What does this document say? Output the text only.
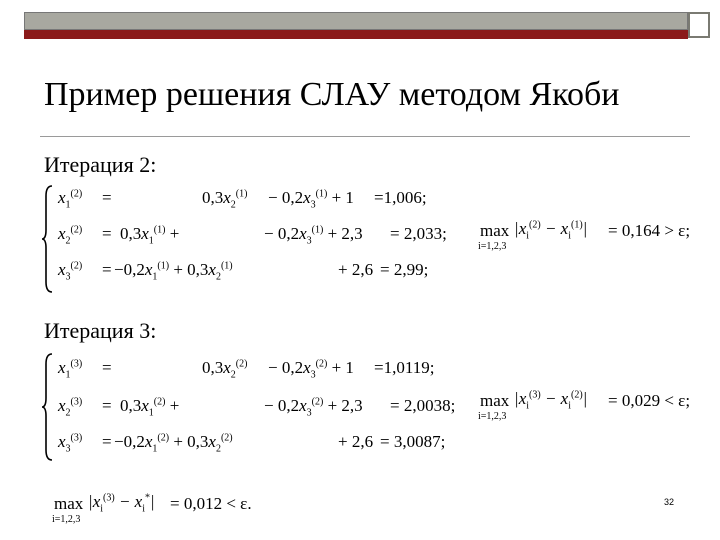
Пример решения СЛАУ методом Якоби
Итерация 2:
$x_1^{(2)}$ =	$0,3x_2^{(1)} - 0,2x_3^{(1)} + 1 =1,006$;
$x_2^{(2)} = 0,3x_1^{(1)}$ +	− $0,2x_3^{(1)} + 2,3 = 2,033$;
$x_3^{(2)} = -0,2x_1^{(1)} + 0,3x_2^{(1)}$	+ 2,6 = 2,99;
max
i=1,2,3
$|x_i^{(2)} - x_i^{(1)}| = 0,164 > \varepsilon$;
Итерация 3:
$x_1^{(3)}$ =	$0,3x_2^{(2)} - 0,2x_3^{(2)} + 1 =1,0119$;
$x_2^{(3)} = 0,3x_1^{(2)}$ +	− $0,2x_3^{(2)} + 2,3 = 2,0038$;
$x_3^{(3)} = -0,2x_1^{(2)} + 0,3x_2^{(2)}$	+ 2,6 = 3,0087;
max
i=1,2,3
$|x_i^{(3)} - x_i^{(2)}| = 0,029 < \varepsilon$;
max
i=1,2,3
$|x_i^{(3)} - x_i^*| = 0,012 < \varepsilon$.	32
